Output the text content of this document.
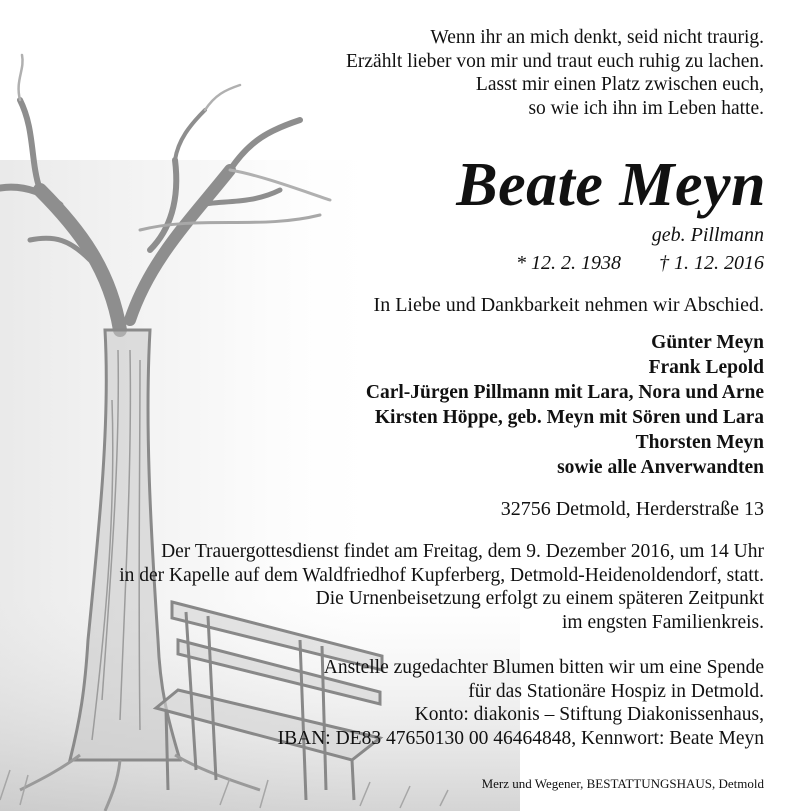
Wenn ihr an mich denkt, seid nicht traurig.
Erzählt lieber von mir und traut euch ruhig zu lachen.
Lasst mir einen Platz zwischen euch,
so wie ich ihn im Leben hatte.
Beate Meyn
geb. Pillmann
* 12. 2. 1938 † 1. 12. 2016
In Liebe und Dankbarkeit nehmen wir Abschied.
Günter Meyn
Frank Lepold
Carl-Jürgen Pillmann mit Lara, Nora und Arne
Kirsten Höppe, geb. Meyn mit Sören und Lara
Thorsten Meyn
sowie alle Anverwandten
32756 Detmold, Herderstraße 13
Der Trauergottesdienst findet am Freitag, dem 9. Dezember 2016, um 14 Uhr
in der Kapelle auf dem Waldfriedhof Kupferberg, Detmold-Heidenoldendorf, statt.
Die Urnenbeisetzung erfolgt zu einem späteren Zeitpunkt
im engsten Familienkreis.
Anstelle zugedachter Blumen bitten wir um eine Spende
für das Stationäre Hospiz in Detmold.
Konto: diakonis – Stiftung Diakonissenhaus,
IBAN: DE83 47650130 00 46464848, Kennwort: Beate Meyn
Merz und Wegener, BESTATTUNGSHAUS, Detmold
